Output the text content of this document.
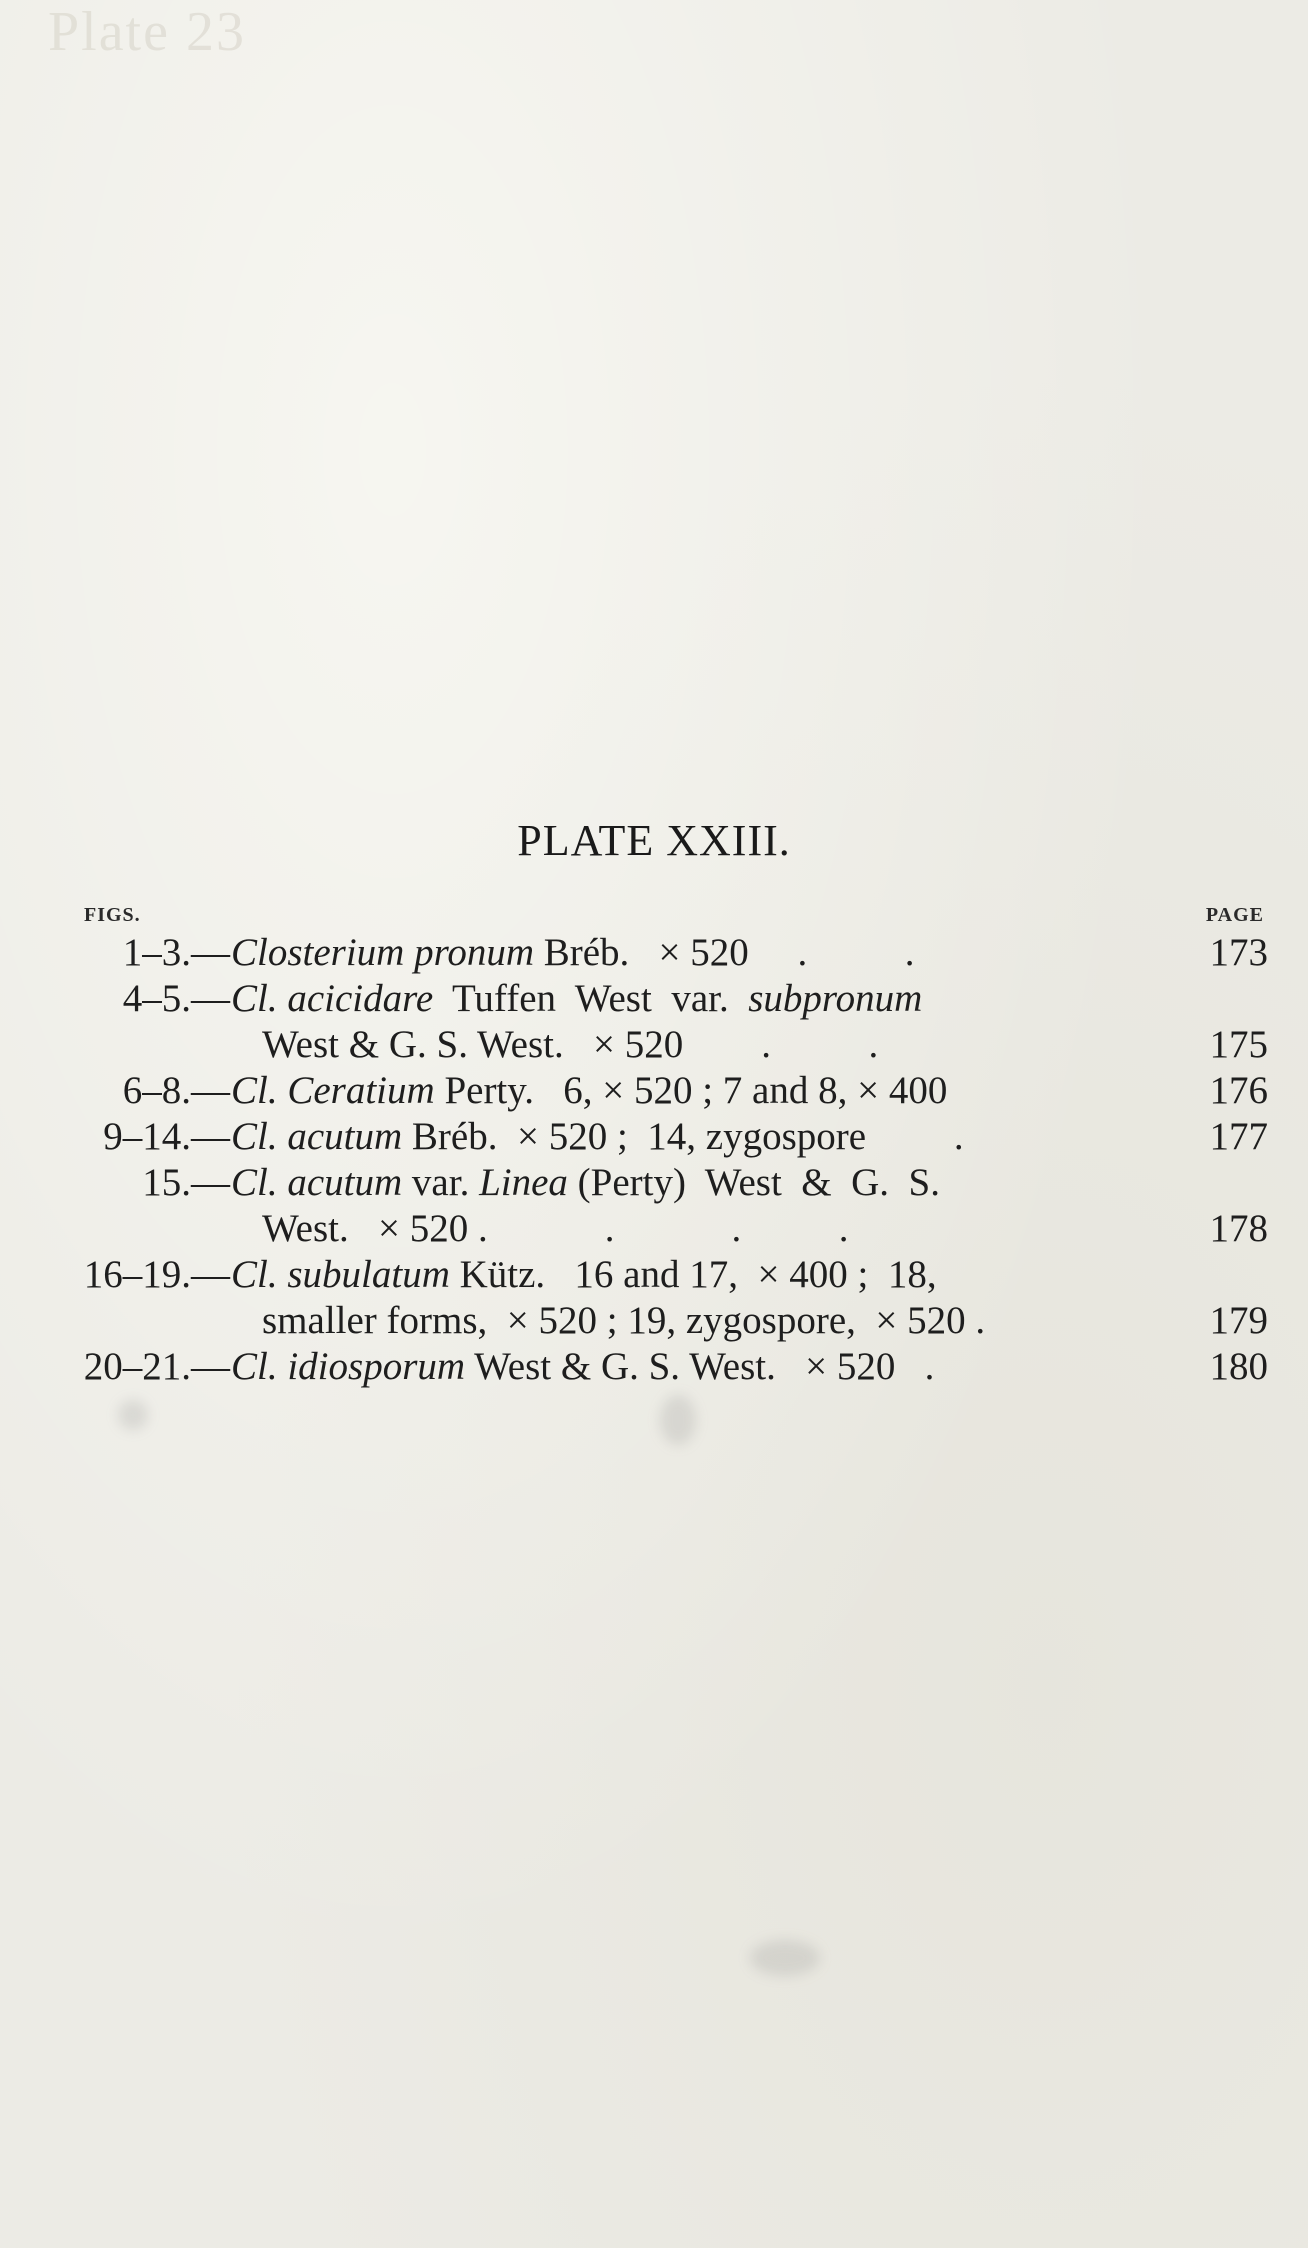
Plate 23
PLATE XXIII.
FIGS.	PAGE
1–3.— Closterium pronum Bréb.   × 520     .          .	173
4–5.— Cl. acicidare  Tuffen  West  var.  subpronum
West & G. S. West.   × 520        .          .	175
6–8.— Cl. Ceratium Perty.   6, × 520 ; 7 and 8, × 400	176
9–14.— Cl. acutum Bréb.  × 520 ;  14, zygospore         .	177
15.— Cl. acutum var. Linea (Perty)  West  &  G.  S.
West.   × 520 .            .            .          .	178
16–19.— Cl. subulatum Kütz.   16 and 17,  × 400 ;  18,
smaller forms,  × 520 ; 19, zygospore,  × 520 .	179
20–21.— Cl. idiosporum West & G. S. West.   × 520   .	180
